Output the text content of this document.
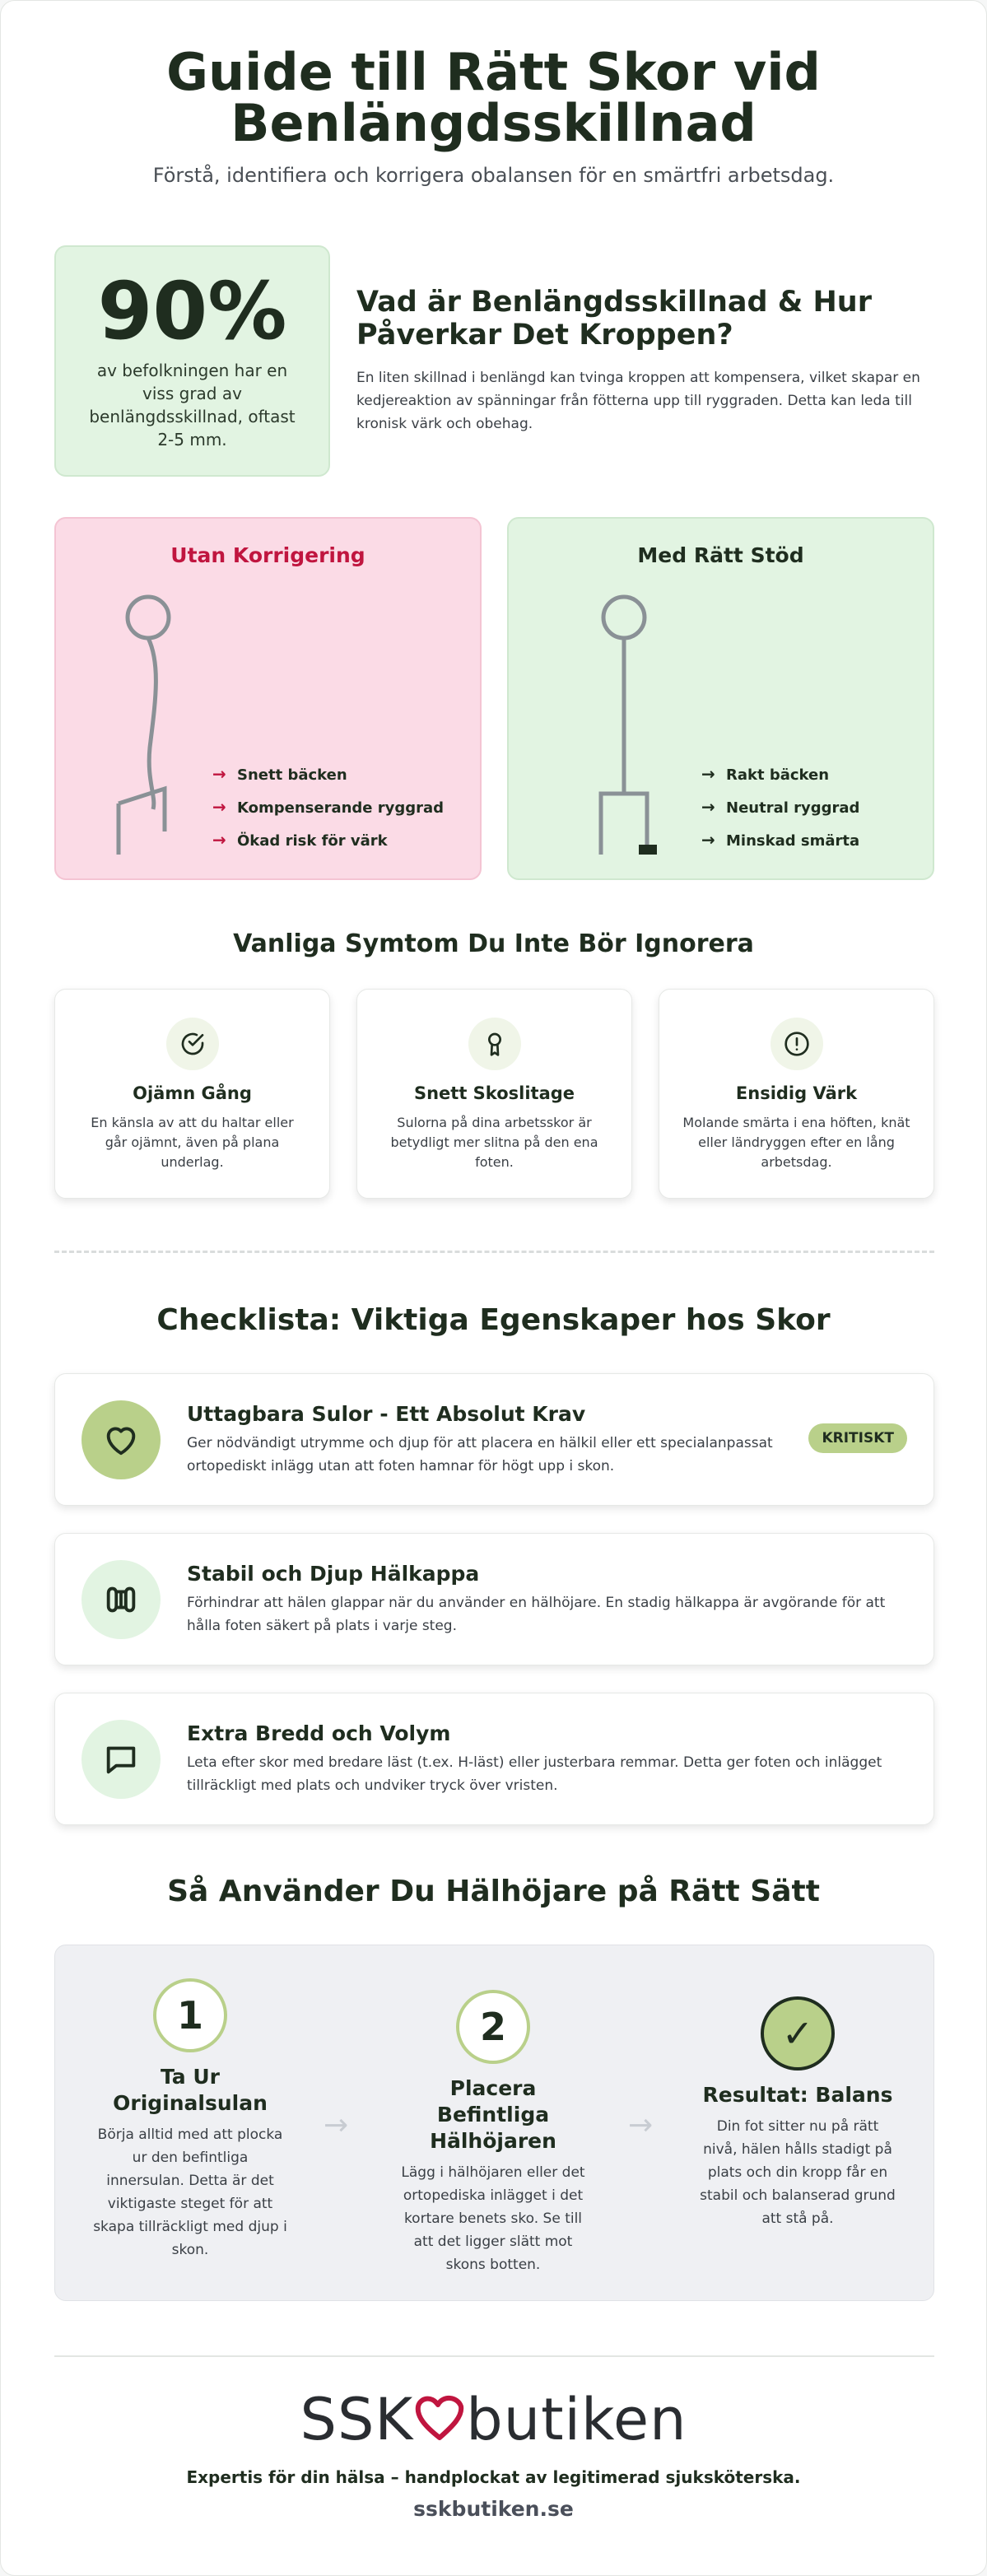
Guide till Rätt Skor vid
Benlängdsskillnad
Förstå, identifiera och korrigera obalansen för en smärtfri arbetsdag.
90%
av befolkningen har en viss grad av benlängdsskillnad, oftast 2-5 mm.
Vad är Benlängdsskillnad & Hur Påverkar Det Kroppen?
En liten skillnad i benlängd kan tvinga kroppen att kompensera, vilket skapar en kedjereaktion av spänningar från fötterna upp till ryggraden. Detta kan leda till kronisk värk och obehag.
Utan Korrigering
→ Snett bäcken
→ Kompenserande ryggrad
→ Ökad risk för värk
Med Rätt Stöd
→ Rakt bäcken
→ Neutral ryggrad
→ Minskad smärta
Vanliga Symtom Du Inte Bör Ignorera
Ojämn Gång

En känsla av att du haltar eller går ojämnt, även på plana underlag.

Snett Skoslitage

Sulorna på dina arbetsskor är betydligt mer slitna på den ena foten.

Ensidig Värk

Molande smärta i ena höften, knät eller ländryggen efter en lång arbetsdag.

Checklista: Viktiga Egenskaper hos Skor
Uttagbara Sulor - Ett Absolut Krav

Ger nödvändigt utrymme och djup för att placera en hälkil eller ett specialanpassat ortopediskt inlägg utan att foten hamnar för högt upp i skon.

KRITISKT
Stabil och Djup Hälkappa

Förhindrar att hälen glappar när du använder en hälhöjare. En stadig hälkappa är avgörande för att hålla foten säkert på plats i varje steg.

Extra Bredd och Volym

Leta efter skor med bredare läst (t.ex. H-läst) eller justerbara remmar. Detta ger foten och inlägget tillräckligt med plats och undviker tryck över vristen.

Så Använder Du Hälhöjare på Rätt Sätt
1
Ta Ur Originalsulan

Börja alltid med att plocka ur den befintliga innersulan. Detta är det viktigaste steget för att skapa tillräckligt med djup i skon.

→
2
Placera Befintliga Hälhöjaren

Lägg i hälhöjaren eller det ortopediska inlägget i det kortare benets sko. Se till att det ligger slätt mot skons botten.

→
✓
Resultat: Balans

Din fot sitter nu på rätt nivå, hälen hålls stadigt på plats och din kropp får en stabil och balanserad grund att stå på.

SSK butiken
Expertis för din hälsa – handplockat av legitimerad sjuksköterska.
sskbutiken.se
